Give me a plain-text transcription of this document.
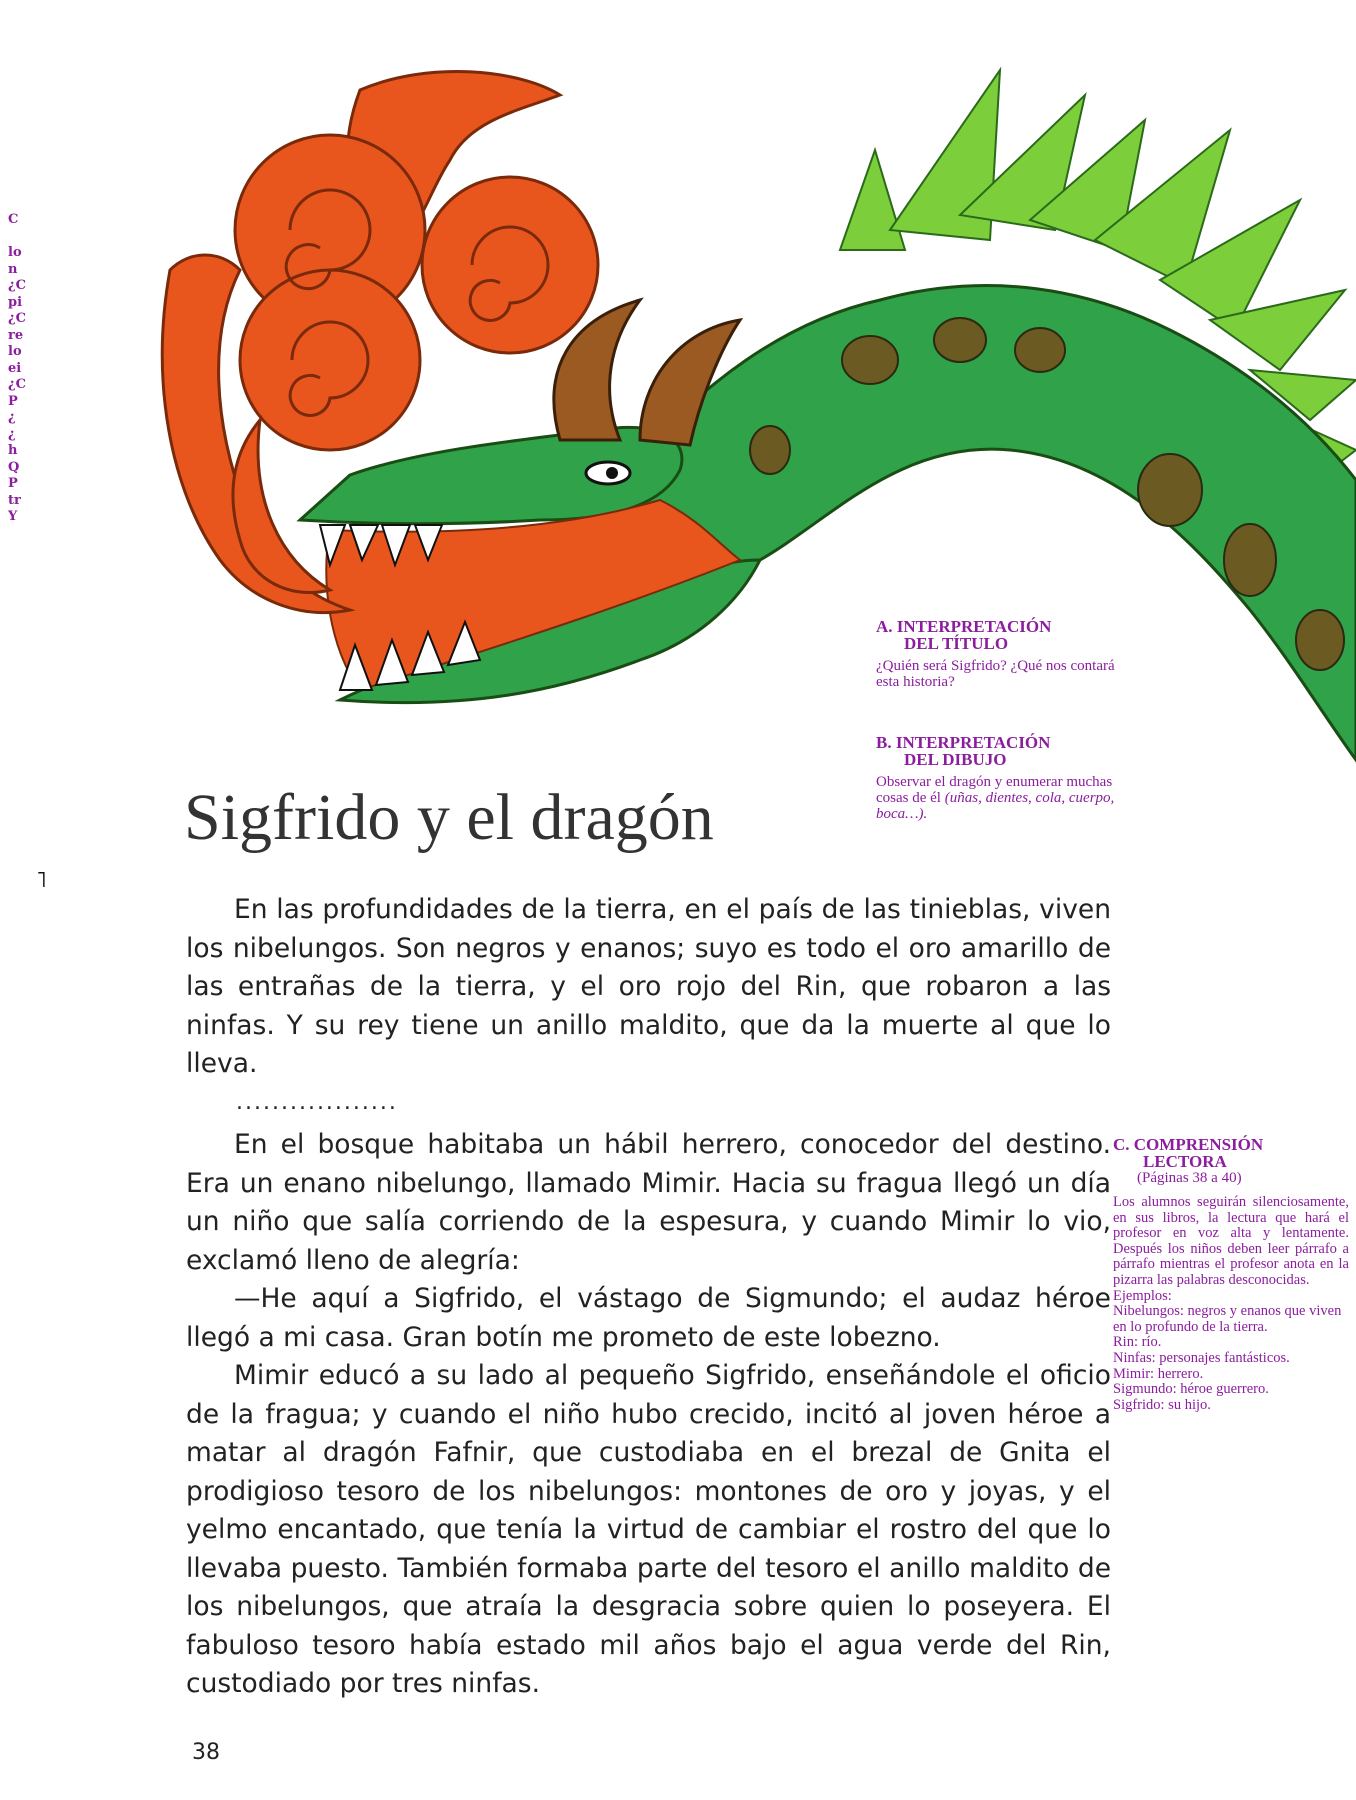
C

lo
n
¿C
pi
¿C
re
lo
ei
¿C
P
¿
¿
h
Q
P
tr
Y
˥
A. INTERPRETACIÓN
DEL TÍTULO
¿Quién será Sigfrido? ¿Qué nos contará esta historia?
B. INTERPRETACIÓN
DEL DIBUJO
Observar el dragón y enumerar muchas cosas de él (uñas, dientes, cola, cuerpo, boca…).
Sigfrido y el dragón

En las profundidades de la tierra, en el país de las tinieblas, viven los nibelungos. Son negros y enanos; suyo es todo el oro amarillo de las entrañas de la tierra, y el oro rojo del Rin, que robaron a las ninfas. Y su rey tiene un anillo maldito, que da la muerte al que lo lleva.

..................

En el bosque habitaba un hábil herrero, conocedor del destino. Era un enano nibelungo, llamado Mimir. Hacia su fragua llegó un día un niño que salía corriendo de la espesura, y cuando Mimir lo vio, exclamó lleno de alegría:

—He aquí a Sigfrido, el vástago de Sigmundo; el audaz héroe llegó a mi casa. Gran botín me prometo de este lobezno.

Mimir educó a su lado al pequeño Sigfrido, enseñándole el oficio de la fragua; y cuando el niño hubo crecido, incitó al joven héroe a matar al dragón Fafnir, que custodiaba en el brezal de Gnita el prodigioso tesoro de los nibelungos: montones de oro y joyas, y el yelmo encantado, que tenía la virtud de cambiar el rostro del que lo llevaba puesto. También formaba parte del tesoro el anillo maldito de los nibelungos, que atraía la desgracia sobre quien lo poseyera. El fabuloso tesoro había estado mil años bajo el agua verde del Rin, custodiado por tres ninfas.

C. COMPRENSIÓN
LECTORA
(Páginas 38 a 40)
Los alumnos seguirán silenciosamente, en sus libros, la lectura que hará el profesor en voz alta y lentamente. Después los niños deben leer párrafo a párrafo mientras el profesor anota en la pizarra las palabras desconocidas.
Ejemplos:
Nibelungos: negros y enanos que viven en lo profundo de la tierra.
Rin: río.
Ninfas: personajes fantásticos.
Mimir: herrero.
Sigmundo: héroe guerrero.
Sigfrido: su hijo.
38
